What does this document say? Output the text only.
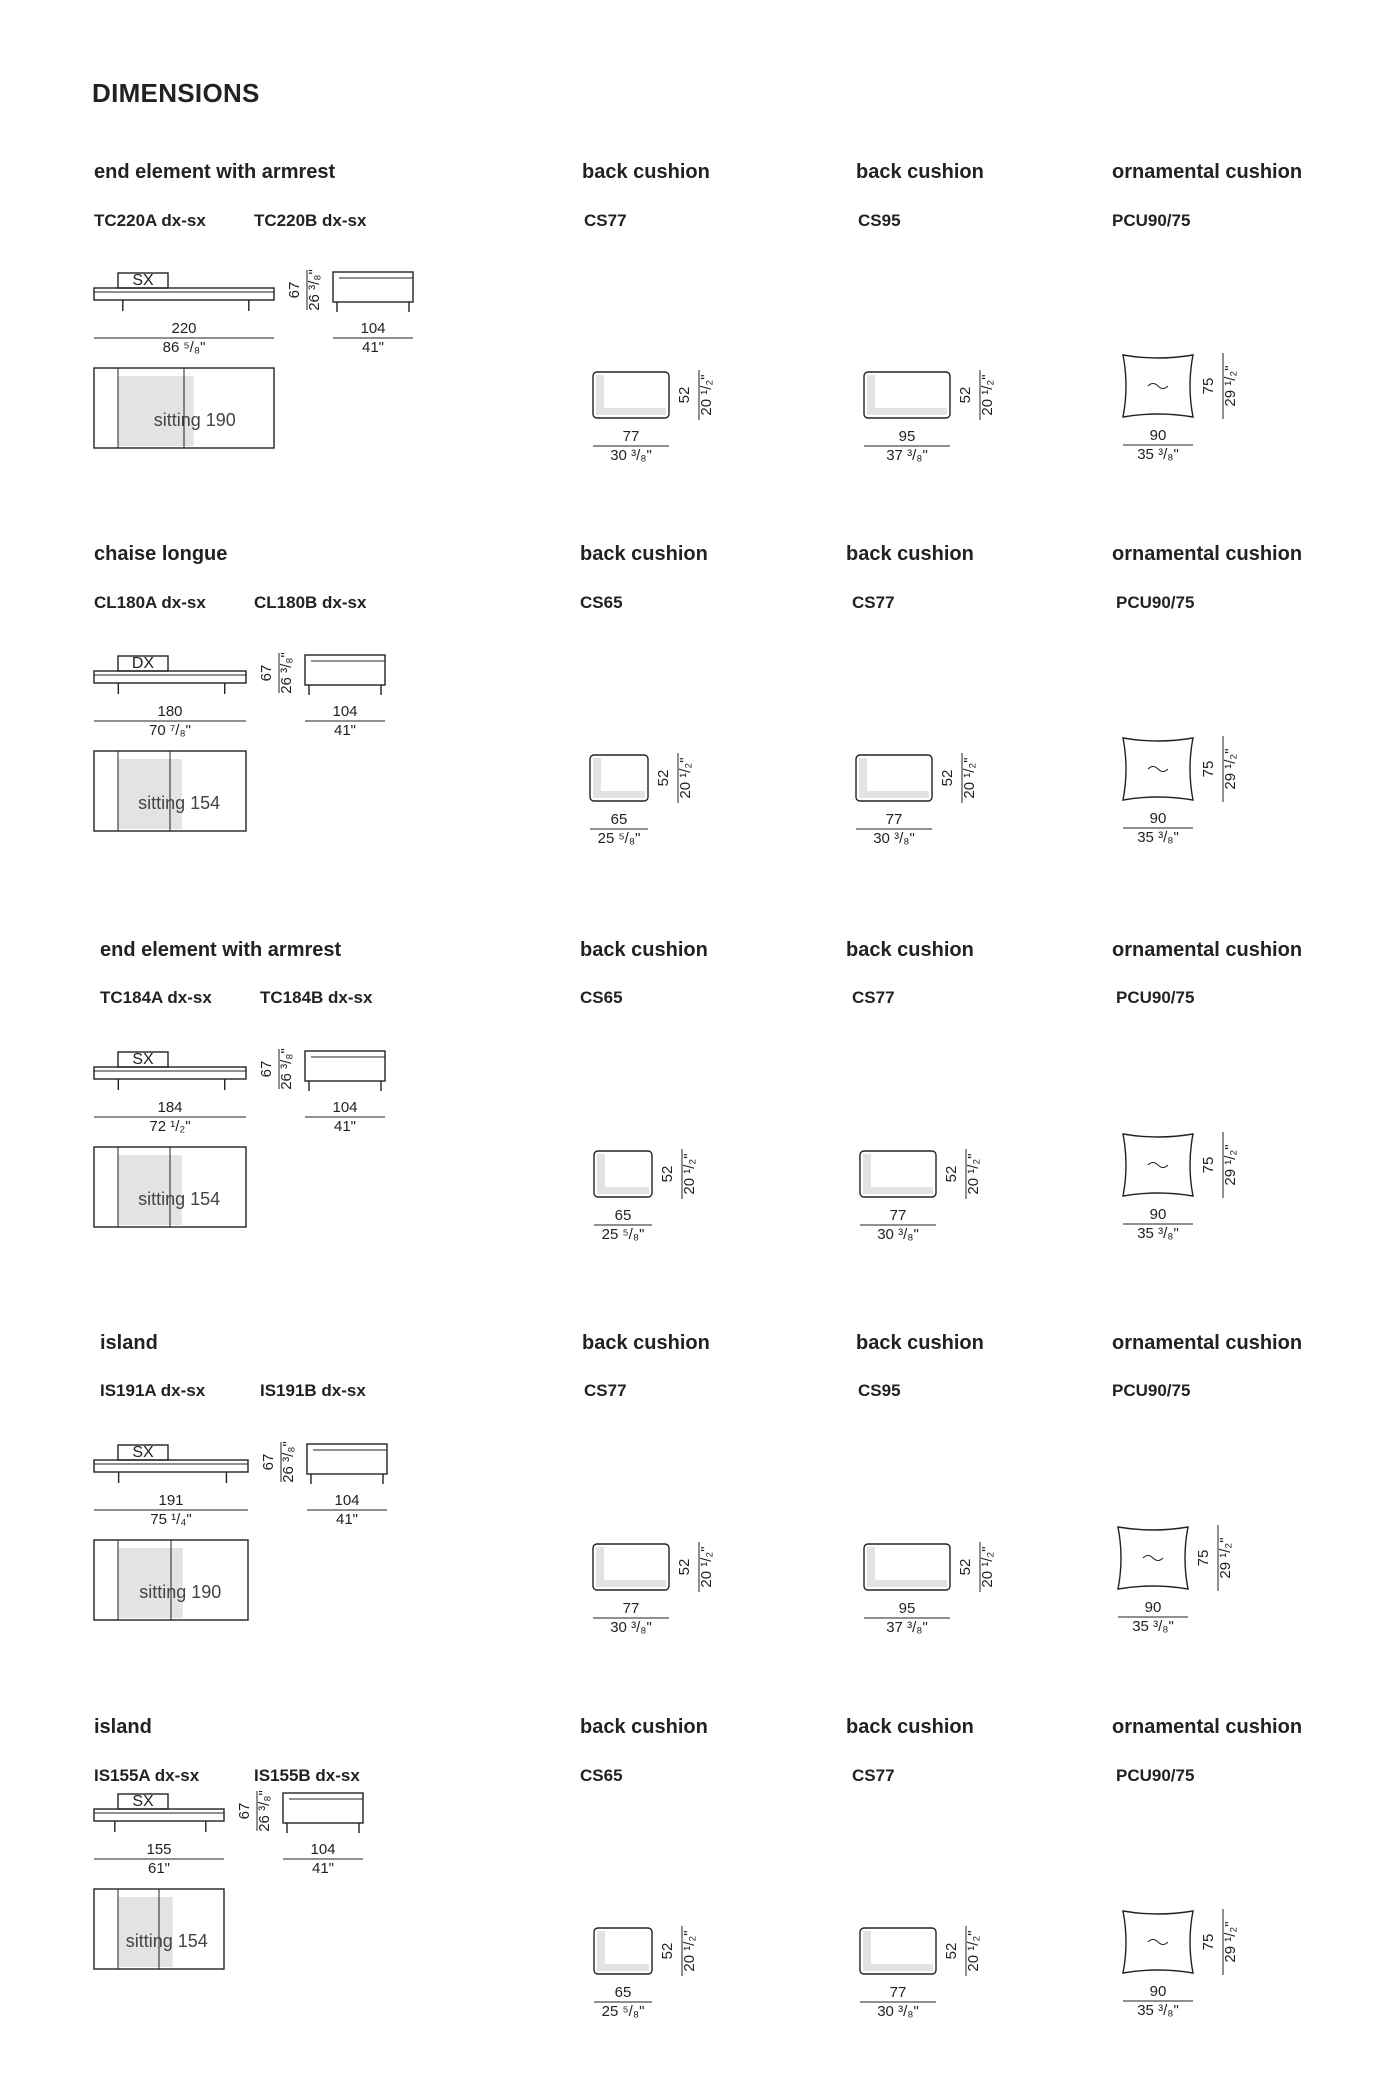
DIMENSIONS
end element with armrest
TC220A dx-sx	TC220B dx-sx
SX
220
86 ⁵/₈"
67 26 ³/₈"
104
41"
sitting 190
back cushion
CS77
52 20 ¹/₂"
77
30 ³/₈"
back cushion
CS95
52 20 ¹/₂"
95
37 ³/₈"
ornamental cushion
PCU90/75
75 29 ¹/₂"
90
35 ³/₈"
chaise longue
CL180A dx-sx	CL180B dx-sx
DX
180
70 ⁷/₈"
67 26 ³/₈"
104
41"
sitting 154
back cushion
CS65
52 20 ¹/₂"
65
25 ⁵/₈"
back cushion
CS77
52 20 ¹/₂"
77
30 ³/₈"
ornamental cushion
PCU90/75
75 29 ¹/₂"
90
35 ³/₈"
end element with armrest
TC184A dx-sx	TC184B dx-sx
SX
184
72 ¹/₂"
67 26 ³/₈"
104
41"
sitting 154
back cushion
CS65
52 20 ¹/₂"
65
25 ⁵/₈"
back cushion
CS77
52 20 ¹/₂"
77
30 ³/₈"
ornamental cushion
PCU90/75
75 29 ¹/₂"
90
35 ³/₈"
island
IS191A dx-sx	IS191B dx-sx
SX
191
75 ¹/₄"
67 26 ³/₈"
104
41"
sitting 190
back cushion
CS77
52 20 ¹/₂"
77
30 ³/₈"
back cushion
CS95
52 20 ¹/₂"
95
37 ³/₈"
ornamental cushion
PCU90/75
75 29 ¹/₂"
90
35 ³/₈"
island
IS155A dx-sx	IS155B dx-sx
SX
155
61"
67 26 ³/₈"
104
41"
sitting 154
back cushion
CS65
52 20 ¹/₂"
65
25 ⁵/₈"
back cushion
CS77
52 20 ¹/₂"
77
30 ³/₈"
ornamental cushion
PCU90/75
75 29 ¹/₂"
90
35 ³/₈"
